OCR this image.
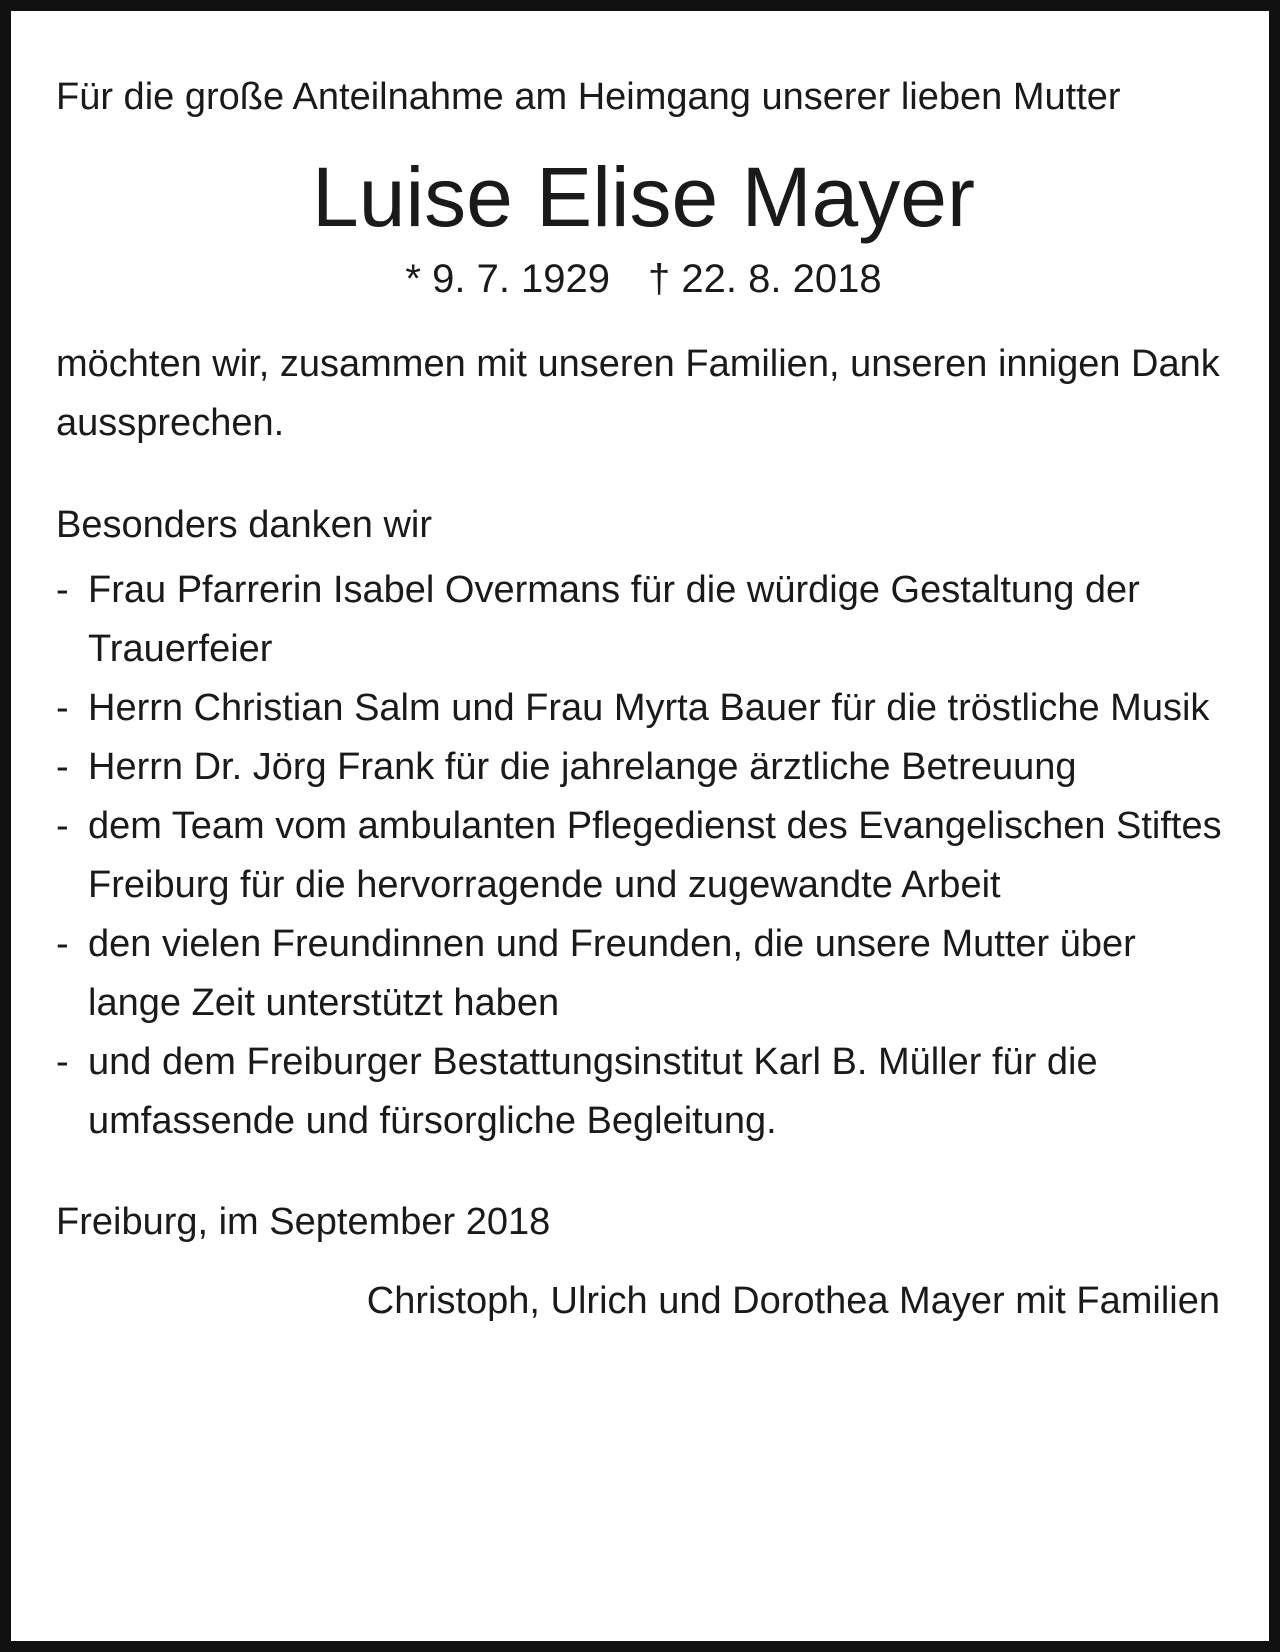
Für die große Anteilnahme am Heimgang unserer lieben Mutter

Luise Elise Mayer

* 9. 7. 1929 † 22. 8. 2018

möchten wir, zusammen mit unseren Familien, unseren innigen Dank aussprechen.

Besonders danken wir

- Frau Pfarrerin Isabel Overmans für die würdige Gestaltung der Trauerfeier
- Herrn Christian Salm und Frau Myrta Bauer für die tröstliche Musik
- Herrn Dr. Jörg Frank für die jahrelange ärztliche Betreuung
- dem Team vom ambulanten Pflegedienst des Evangelischen Stiftes Freiburg für die hervorragende und zugewandte Arbeit
- den vielen Freundinnen und Freunden, die unsere Mutter über lange Zeit unterstützt haben
- und dem Freiburger Bestattungsinstitut Karl B. Müller für die umfassende und fürsorgliche Begleitung.

Freiburg, im September 2018

Christoph, Ulrich und Dorothea Mayer mit Familien
